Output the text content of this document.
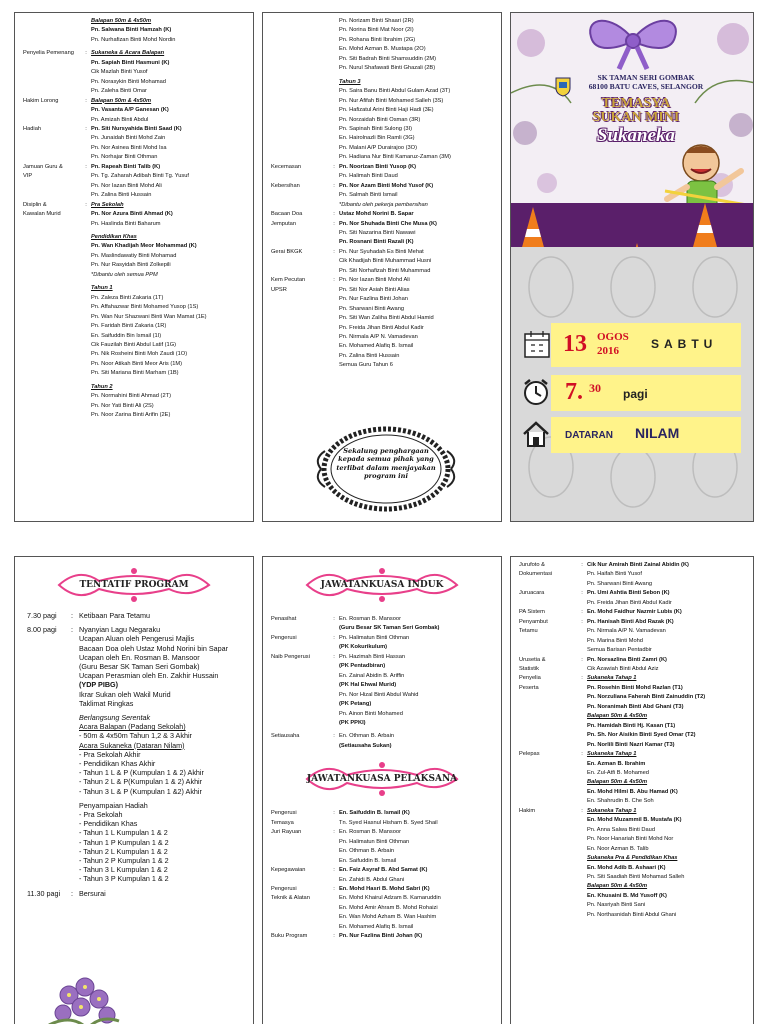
Balapan 50m & 4x50m
Pn. Salwana Binti Hamzah (K)
Pn. Nurhafizan Binti Mohd Nordin
Penyelia Pemenang	: Sukaneka & Acara Balapan
Pn. Sapiah Binti Hasmuni (K)
Cik Mazlah Binti Yusof
Pn. Norasykin Binti Mohamad
Pn. Zaleha Binti Omar
Hakim Lorong	: Balapan 50m & 4x50m
Pn. Vasanta A/P Ganesan (K)
Pn. Amizah Binti Abdul
Hadiah	: Pn. Siti Nursyahida Binti Saad (K)
Pn. Junaidah Binti Mohd Zain
Pn. Nor Asinea Binti Mohd Isa
Pn. Norhajar Binti Othman
Jamuan Guru &	: Pn. Rapeah Binti Talib (K)
VIP	Pn. Tg. Zaharah Adibah Binti Tg. Yusuf
Pn. Nor Iazan Binti Mohd Ali
Pn. Zalina Binti Hussain
Disiplin &	: Pra Sekolah
Kawalan Murid	Pn. Nor Azura Binti Ahmad (K)
Pn. Haslinda Binti Baharum
Pendidikan Khas
Pn. Wan Khadijah Meor Mohammad (K)
Pn. Maslindawatiy Binti Mohamad
Pn. Nur Rasyidah Binti Zolkepili
*Dibantu oleh semua PPM
Tahun 1
Pn. Zaleza Binti Zakaria (1T)
Pn. Affahazwar Binti Mohamed Yusop (1S)
Pn. Wan Nur Shazwani Binti Wan Mamat (1E)
Pn. Faridah Binti Zakaria (1R)
En. Saifuddin Bin Ismail (1I)
Cik Fauzilah Binti Abdul Latif (1G)
Pn. Nik Rosheini Binti Moh Zaudi (1O)
Pn. Noor Atikah Binti Meor Aris (1M)
Pn. Siti Mariana Binti Marham (1B)
Tahun 2
Pn. Normahini Binti Ahmad (2T)
Pn. Nor Yati Binti Ali (2S)
Pn. Noor Zarina Binti Arifin (2E)
Pn. Norizam Binti Shaari (2R)
Pn. Norina Binti Mat Noor (2I)
Pn. Rohana Binti Ibrahim (2G)
En. Mohd Azman B. Mustapa (2O)
Pn. Siti Badrah Binti Shamsuddin (2M)
Pn. Nurul Shafawati Binti Ghazali (2B)
Tahun 3
Pn. Saira Banu Binti Abdul Gulam Azad (3T)
Pn. Nur Afifah Binti Mohamed Salleh (3S)
Pn. Hafizatul Arini Binti Haji Hadi (3E)
Pn. Norzaidah Binti Osman (3R)
Pn. Sapinah Binti Sulong (3I)
En. Hairolnazli Bin Ramli (3G)
Pn. Malani A/P Durairajoo (3O)
Pn. Hadiana Nur Binti Kamaruz-Zaman (3M)
Kecemasan	: Pn. Noorizan Binti Yusop (K)
Pn. Halimah Binti Daud
Kebersihan	: Pn. Nor Azam Binti Mohd Yusof (K)
Pn. Salmah Binti Ismail
*Dibantu oleh pekerja pembersihan
Bacaan Doa	: Ustaz Mohd Norini B. Sapar
Jemputan	: Pn. Nor Shuhada Binti Che Musa (K)
Pn. Siti Nazarina Binti Nawawi
Pn. Rosnani Binti Razali (K)
Gerai BKGK	: Pn. Nur Syuhadah Es Binti Mehat
Cik Khadijah Binti Muhammad Husni
Pn. Siti Norhafizah Binti Muhammad
Kem Pecutan	: Pn. Nor Iazan Binti Mohd Ali
UPSR	Pn. Siti Nor Asiah Binti Alias
Pn. Nur Fazlina Binti Johan
Pn. Sharwani Binti Awang
Pn. Siti Wan Zaliha Binti Abdul Hamid
Pn. Freida Jihan Binti Abdul Kadir
Pn. Nirmala A/P N. Vamadevan
En. Mohamed Alafiq B. Ismail
Pn. Zalina Binti Hussain
Semua Guru Tahun 6
Sekalung penghargaan
kepada semua pihak yang
terlibat dalam menjayakan
program ini
SK TAMAN SERI GOMBAK
68100 BATU CAVES, SELANGOR
TEMASYA
SUKAN MINI
Sukaneka
13 OGOS
2016	SABTU
7. 30 pagi
DATARAN NILAM
TENTATIF PROGRAM
7.30 pagi	: Ketibaan Para Tetamu
8.00 pagi	: Nyanyian Lagu Negaraku
Ucapan Aluan oleh Pengerusi Majlis
Bacaan Doa oleh Ustaz Mohd Norini bin Sapar
Ucapan oleh En. Rosman B. Mansoor
(Guru Besar SK Taman Seri Gombak)
Ucapan Perasmian oleh En. Zakhir Hussain
(YDP PIBG)
Ikrar Sukan oleh Wakil Murid
Taklimat Ringkas
Berlangsung Serentak
Acara Balapan (Padang Sekolah)
- 50m & 4x50m Tahun 1,2 & 3 Akhir
Acara Sukaneka (Dataran Nilam)
- Pra Sekolah Akhir
- Pendidikan Khas Akhir
- Tahun 1 L & P (Kumpulan 1 & 2) Akhir
- Tahun 2 L & P(Kumpulan 1 & 2) Akhir
- Tahun 3 L & P (Kumpulan 1 &2) Akhir
Penyampaian Hadiah
- Pra Sekolah
- Pendidikan Khas
- Tahun 1 L Kumpulan 1 & 2
- Tahun 1 P Kumpulan 1 & 2
- Tahun 2 L Kumpulan 1 & 2
- Tahun 2 P Kumpulan 1 & 2
- Tahun 3 L Kumpulan 1 & 2
- Tahun 3 P Kumpulan 1 & 2
11.30 pagi	: Bersurai
JAWATANKUASA INDUK
Penasihat	: En. Rosman B. Mansoor
(Guru Besar SK Taman Seri Gombak)
Pengerusi	: Pn. Halimatun Binti Othman
(PK Kokurikulum)
Naib Pengerusi	: Pn. Hazimah Binti Hassan
(PK Pentadbiran)
En. Zainal Abidin B. Ariffin
(PK Hal Ehwal Murid)
Pn. Nor Hizal Binti Abdul Wahid
(PK Petang)
Pn. Ainon Binti Mohamed
(PK PPKI)
Setiausaha	: En. Othman B. Arbain
(Setiausaha Sukan)
JAWATANKUASA PELAKSANA
Pengerusi	: En. Saifuddin B. Ismail (K)
Temasya	Tn. Syed Hasnul Hisham B. Syed Shail
Juri Rayuan	: En. Rosman B. Mansoor
Pn. Halimatun Binti Othman
En. Othman B. Arbain
En. Saifuddin B. Ismail
Kepegawaian	: En. Faiz Asyraf B. Abd Samat (K)
En. Zahidi B. Abdul Ghani
Pengerusi	: En. Mohd Hasri B. Mohd Sabri (K)
Teknik & Alatan	En. Mohd Khairul Adzam B. Kamaruddin
En. Mohd Amir Ahram B. Mohd Rohaizi
En. Wan Mohd Azham B. Wan Hashim
En. Mohamed Alafiq B. Ismail
Buku Program	: Pn. Nur Fazlina Binti Johan (K)
Jurufoto &	: Cik Nur Amirah Binti Zainal Abidin (K)
Dokumentasi	Pn. Haifah Binti Yusof
Pn. Sharwani Binti Awang
Juruacara	: Pn. Umi Ashtia Binti Sebon (K)
Pn. Freida Jihan Binti Abdul Kadir
PA Sistem	: En. Mohd Faidhur Nazmir Lubis (K)
Penyambut	: Pn. Hanisah Binti Abd Razak (K)
Tetamu	Pn. Nirmala A/P N. Vamadevan
Pn. Marina Binti Mohd
Semua Barisan Pentadbir
Urusetia &	: Pn. Norsazlina Binti Zamri (K)
Statistik	Cik Azawiah Binti Abdul Aziz
Penyelia	: Sukaneka Tahap 1
Peserta	Pn. Rosehin Binti Mohd Razlan (T1)
Pn. Norzuliana Faherah Binti Zainuddin (T2)
Pn. Noranimah Binti Abd Ghani (T3)
Balapan 50m & 4x50m
Pn. Hamidah Binti Hj. Kasan (T1)
Pn. Sh. Nor Aisikin Binti Syed Omar (T2)
Pn. Norlili Binti Nazri Kamar (T3)
Pelepas	: Sukaneka Tahap 1
En. Azman B. Ibrahim
En. Zul-Atfi B. Mohamed
Balapan 50m & 4x50m
En. Mohd Hilmi B. Abu Hamad (K)
En. Shahrudin B. Che Soh
Hakim	: Sukaneka Tahap 1
En. Mohd Muzammil B. Mustafa (K)
Pn. Anna Salwa Binti Daud
Pn. Noor Hanariah Binti Mohd Nor
En. Noor Azman B. Talib
Sukaneka Pra & Pendidikan Khas
En. Mohd Adib B. Ashaari (K)
Pn. Siti Saadiah Binti Mohamad Salleh
Balapan 50m & 4x50m
En. Khusaini B. Md Yusoff (K)
Pn. Nasriyah Binti Sani
Pn. Northasnidah Binti Abdul Ghani
